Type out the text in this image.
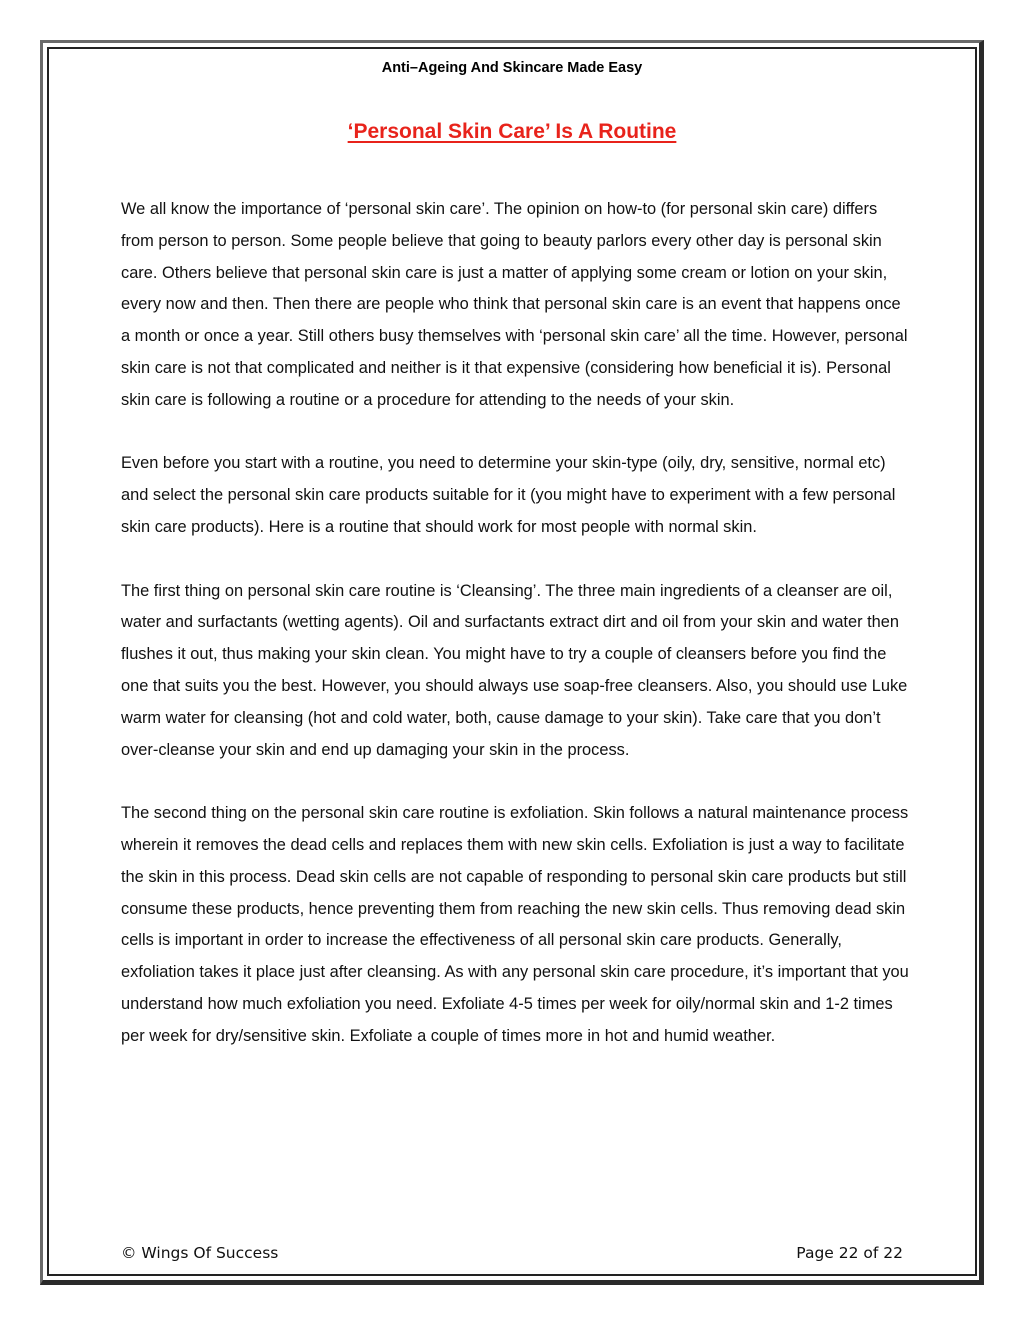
Anti–Ageing And Skincare Made Easy
‘Personal Skin Care’ Is A Routine

We all know the importance of ‘personal skin care’. The opinion on how-to (for personal skin care) differs from person to person. Some people believe that going to beauty parlors every other day is personal skin care. Others believe that personal skin care is just a matter of applying some cream or lotion on your skin, every now and then. Then there are people who think that personal skin care is an event that happens once a month or once a year. Still others busy themselves with ‘personal skin care’ all the time. However, personal skin care is not that complicated and neither is it that expensive (considering how beneficial it is). Personal skin care is following a routine or a procedure for attending to the needs of your skin.

Even before you start with a routine, you need to determine your skin-type (oily, dry, sensitive, normal etc) and select the personal skin care products suitable for it (you might have to experiment with a few personal skin care products). Here is a routine that should work for most people with normal skin.

The first thing on personal skin care routine is ‘Cleansing’. The three main ingredients of a cleanser are oil, water and surfactants (wetting agents). Oil and surfactants extract dirt and oil from your skin and water then flushes it out, thus making your skin clean. You might have to try a couple of cleansers before you find the one that suits you the best. However, you should always use soap-free cleansers. Also, you should use Luke warm water for cleansing (hot and cold water, both, cause damage to your skin). Take care that you don’t over-cleanse your skin and end up damaging your skin in the process.

The second thing on the personal skin care routine is exfoliation. Skin follows a natural maintenance process wherein it removes the dead cells and replaces them with new skin cells. Exfoliation is just a way to facilitate the skin in this process. Dead skin cells are not capable of responding to personal skin care products but still consume these products, hence preventing them from reaching the new skin cells. Thus removing dead skin cells is important in order to increase the effectiveness of all personal skin care products. Generally, exfoliation takes it place just after cleansing. As with any personal skin care procedure, it’s important that you understand how much exfoliation you need. Exfoliate 4-5 times per week for oily/normal skin and 1-2 times per week for dry/sensitive skin. Exfoliate a couple of times more in hot and humid weather.

© Wings Of Success	Page 22 of 22
